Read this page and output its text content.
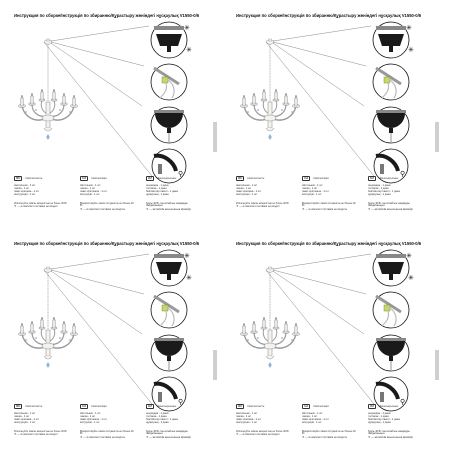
Инструкция по сборке/Інструкція по збиранню/Құрастыру жөніндегі нұсқаулық V1550-0/6
✳
✳
⚲
RU Комплектность:
светильник - 1 шт
чашка - 1 шт
пакет крепежа - 1 шт
инструкция - 1 шт
Используйте лампы мощностью не более 40 Вт
✳ — в комплект поставки не входит
UA Комплектація:
світильник - 1 шт
чашка - 1 шт
пакет кріплення - 1 шт
інструкція - 1 шт
Використовуйте лампи потужністю не більше 40 Вт
✳ — в комплект поставки не входить
KZ Жиынтықтылығы:
шырағдан - 1 дана
тостаған - 1 дана
бекіткіштер пакеті - 1 дана
нұсқаулық - 1 дана
Қуаты 40 Вт-тан аспайтын шамдарды пайдаланыңыз
✳ — жеткізілім жиынтығына кірмейді
Инструкция по сборке/Інструкція по збиранню/Құрастыру жөніндегі нұсқаулық V1550-0/6
✳
✳
⚲
RU Комплектность:
светильник - 1 шт
чашка - 1 шт
пакет крепежа - 1 шт
инструкция - 1 шт
Используйте лампы мощностью не более 40 Вт
✳ — в комплект поставки не входит
UA Комплектація:
світильник - 1 шт
чашка - 1 шт
пакет кріплення - 1 шт
інструкція - 1 шт
Використовуйте лампи потужністю не більше 40 Вт
✳ — в комплект поставки не входить
KZ Жиынтықтылығы:
шырағдан - 1 дана
тостаған - 1 дана
бекіткіштер пакеті - 1 дана
нұсқаулық - 1 дана
Қуаты 40 Вт-тан аспайтын шамдарды пайдаланыңыз
✳ — жеткізілім жиынтығына кірмейді
Инструкция по сборке/Інструкція по збиранню/Құрастыру жөніндегі нұсқаулық V1550-0/6
✳
✳
⚲
RU Комплектность:
светильник - 1 шт
чашка - 1 шт
пакет крепежа - 1 шт
инструкция - 1 шт
Используйте лампы мощностью не более 40 Вт
✳ — в комплект поставки не входит
UA Комплектація:
світильник - 1 шт
чашка - 1 шт
пакет кріплення - 1 шт
інструкція - 1 шт
Використовуйте лампи потужністю не більше 40 Вт
✳ — в комплект поставки не входить
KZ Жиынтықтылығы:
шырағдан - 1 дана
тостаған - 1 дана
бекіткіштер пакеті - 1 дана
нұсқаулық - 1 дана
Қуаты 40 Вт-тан аспайтын шамдарды пайдаланыңыз
✳ — жеткізілім жиынтығына кірмейді
Инструкция по сборке/Інструкція по збиранню/Құрастыру жөніндегі нұсқаулық V1550-0/6
✳
✳
⚲
RU Комплектность:
светильник - 1 шт
чашка - 1 шт
пакет крепежа - 1 шт
инструкция - 1 шт
Используйте лампы мощностью не более 40 Вт
✳ — в комплект поставки не входит
UA Комплектація:
світильник - 1 шт
чашка - 1 шт
пакет кріплення - 1 шт
інструкція - 1 шт
Використовуйте лампи потужністю не більше 40 Вт
✳ — в комплект поставки не входить
KZ Жиынтықтылығы:
шырағдан - 1 дана
тостаған - 1 дана
бекіткіштер пакеті - 1 дана
нұсқаулық - 1 дана
Қуаты 40 Вт-тан аспайтын шамдарды пайдаланыңыз
✳ — жеткізілім жиынтығына кірмейді
